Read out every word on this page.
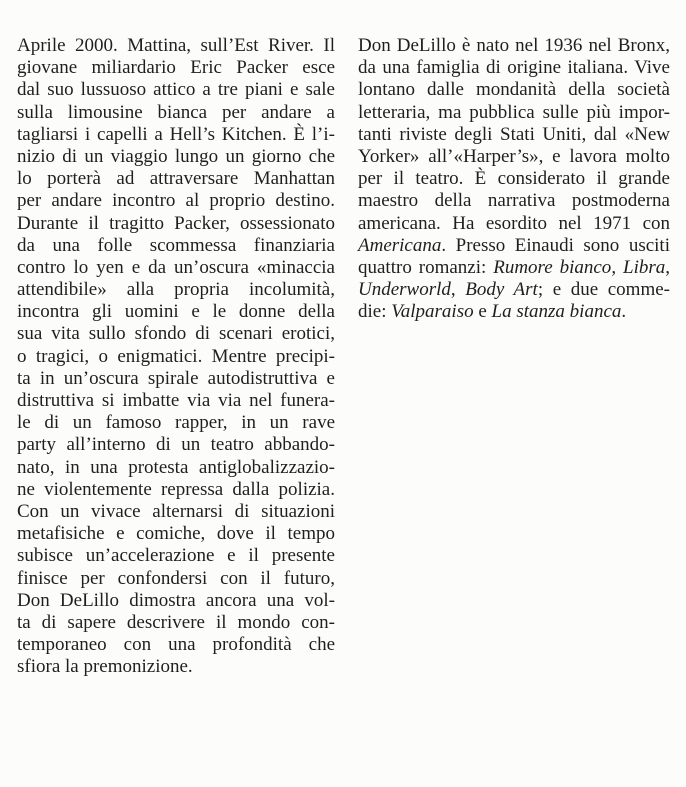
Aprile 2000. Mattina, sull’Est River. Il
giovane miliardario Eric Packer esce
dal suo lussuoso attico a tre piani e sale
sulla limousine bianca per andare a
tagliarsi i capelli a Hell’s Kitchen. È l’i-
nizio di un viaggio lungo un giorno che
lo porterà ad attraversare Manhattan
per andare incontro al proprio destino.
Durante il tragitto Packer, ossessionato
da una folle scommessa finanziaria
contro lo yen e da un’oscura «minaccia
attendibile» alla propria incolumità,
incontra gli uomini e le donne della
sua vita sullo sfondo di scenari erotici,
o tragici, o enigmatici. Mentre precipi-
ta in un’oscura spirale autodistruttiva e
distruttiva si imbatte via via nel funera-
le di un famoso rapper, in un rave
party all’interno di un teatro abbando-
nato, in una protesta antiglobalizzazio-
ne violentemente repressa dalla polizia.
Con un vivace alternarsi di situazioni
metafisiche e comiche, dove il tempo
subisce un’accelerazione e il presente
finisce per confondersi con il futuro,
Don DeLillo dimostra ancora una vol-
ta di sapere descrivere il mondo con-
temporaneo con una profondità che
sfiora la premonizione.
Don DeLillo è nato nel 1936 nel Bronx,
da una famiglia di origine italiana. Vive
lontano dalle mondanità della società
letteraria, ma pubblica sulle più impor-
tanti riviste degli Stati Uniti, dal «New
Yorker» all’«Harper’s», e lavora molto
per il teatro. È considerato il grande
maestro della narrativa postmoderna
americana. Ha esordito nel 1971 con
Americana. Presso Einaudi sono usciti
quattro romanzi: Rumore bianco, Libra,
Underworld, Body Art; e due comme-
die: Valparaiso e La stanza bianca.
